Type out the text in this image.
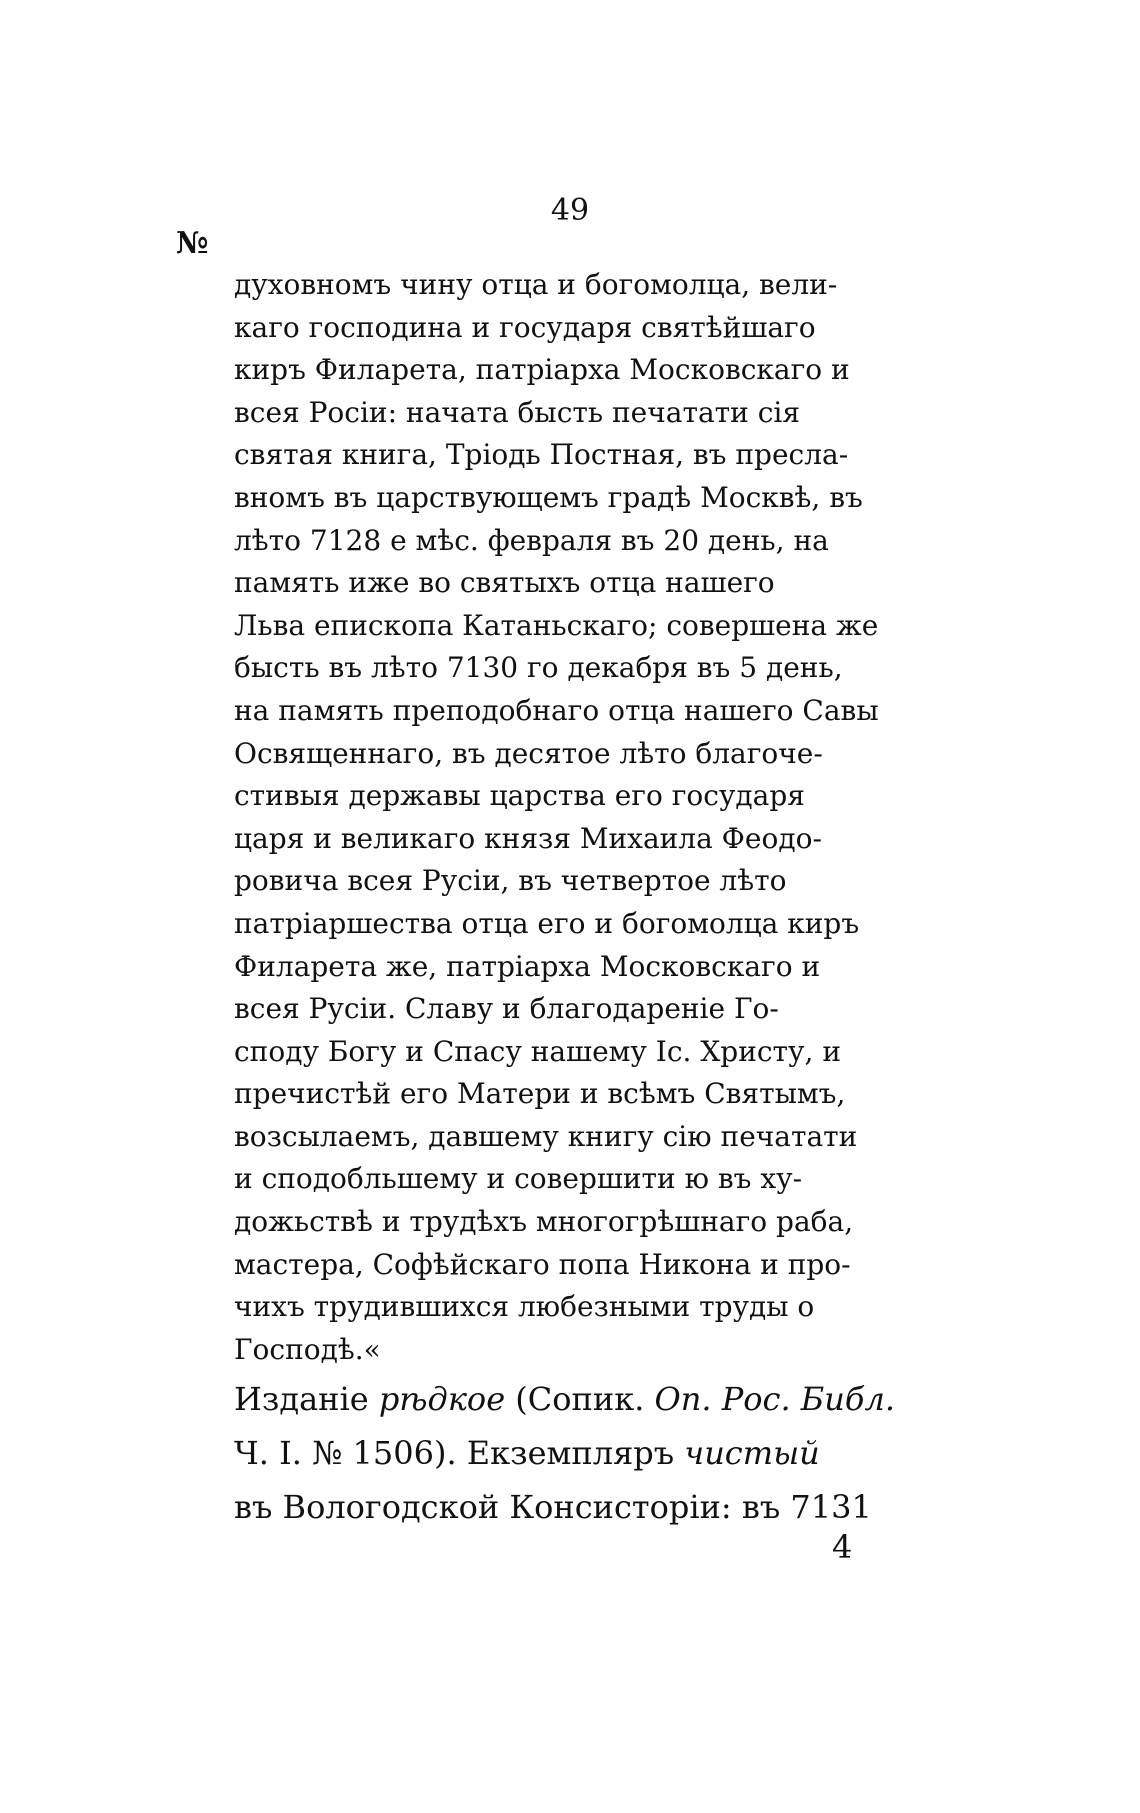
49
№
духовномъ чину отца и богомолца, вели-
каго господина и государя святѣйшаго
киръ Филарета, патріарха Московскаго и
всея Росіи: начата бысть печатати сія
святая книга, Тріодь Постная, въ пресла-
вномъ въ царствующемъ градѣ Москвѣ, въ
лѣто 7128 е мѣс. февраля въ 20 день, на
память иже во святыхъ отца нашего
Льва епископа Катаньскаго; совершена же
бысть въ лѣто 7130 го декабря въ 5 день,
на память преподобнаго отца нашего Савы
Освященнаго, въ десятое лѣто благоче-
стивыя державы царства его государя
царя и великаго князя Михаила Феодо-
ровича всея Русіи, въ четвертое лѣто
патріаршества отца его и богомолца киръ
Филарета же, патріарха Московскаго и
всея Русіи. Славу и благодареніе Го-
споду Богу и Спасу нашему Іс. Христу, и
пречистѣй его Матери и всѣмъ Святымъ,
возсылаемъ, давшему книгу сію печатати
и сподобльшему и совершити ю въ ху-
дожьствѣ и трудѣхъ многогрѣшнаго раба,
мастера, Софѣйскаго попа Никона и про-
чихъ трудившихся любезными труды о
Господѣ.«
Изданіе рѣдкое (Сопик. Оп. Рос. Библ.
Ч. І. № 1506). Екземпляръ чистый
въ Вологодской Консисторіи: въ 7131
4
